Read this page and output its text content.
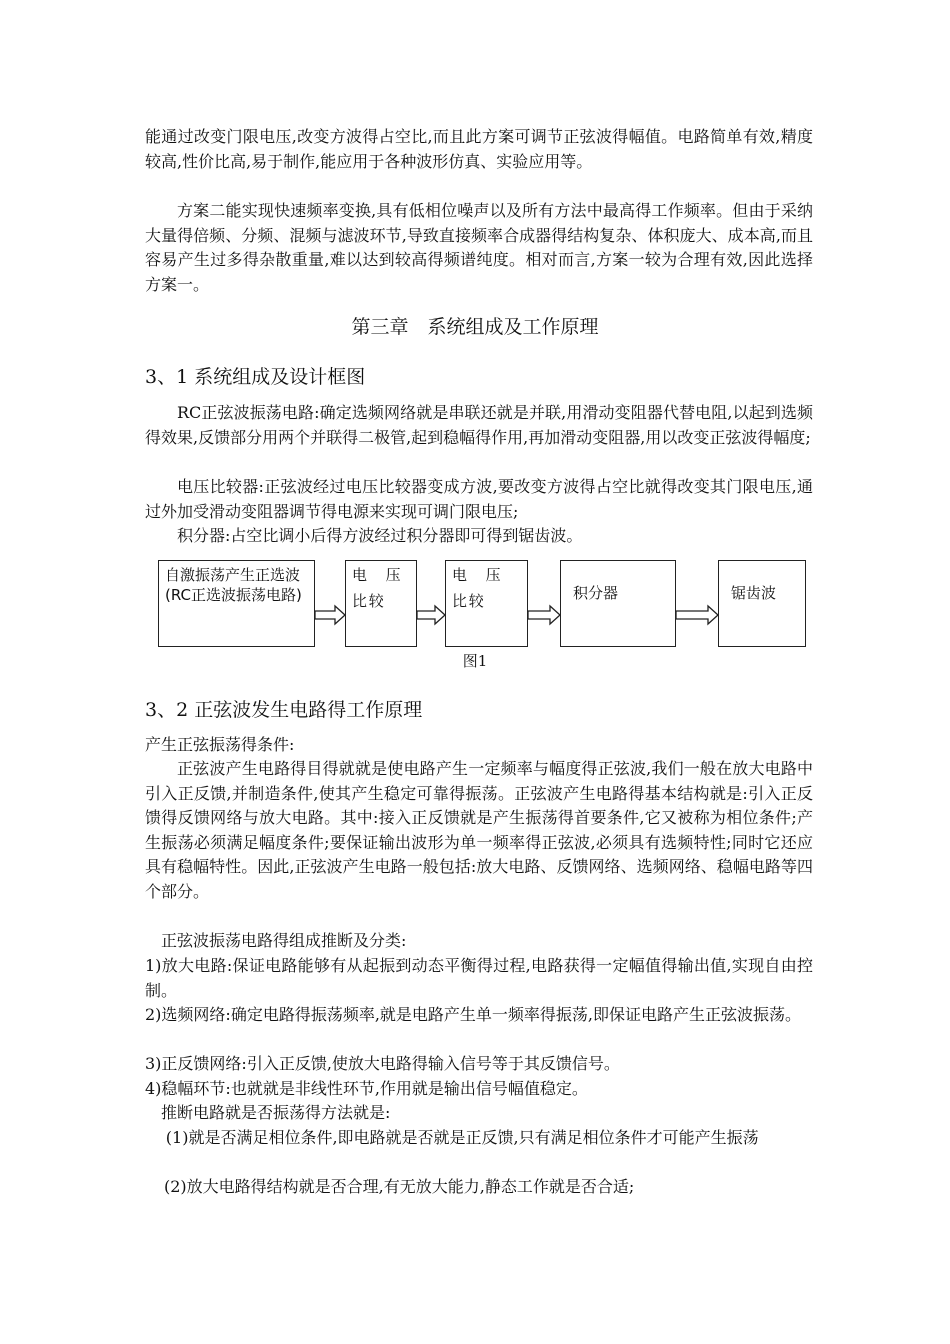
能通过改变门限电压,改变方波得占空比,而且此方案可调节正弦波得幅值。电路简单有效,精度较高,性价比高,易于制作,能应用于各种波形仿真、实验应用等。

方案二能实现快速频率变换,具有低相位噪声以及所有方法中最高得工作频率。但由于采纳大量得倍频、分频、混频与滤波环节,导致直接频率合成器得结构复杂、体积庞大、成本高,而且容易产生过多得杂散重量,难以达到较高得频谱纯度。相对而言,方案一较为合理有效,因此选择方案一。

第三章　系统组成及工作原理

3、1 系统组成及设计框图

RC正弦波振荡电路:确定选频网络就是串联还就是并联,用滑动变阻器代替电阻,以起到选频得效果,反馈部分用两个并联得二极管,起到稳幅得作用,再加滑动变阻器,用以改变正弦波得幅度;

电压比较器:正弦波经过电压比较器变成方波,要改变方波得占空比就得改变其门限电压,通过外加受滑动变阻器调节得电源来实现可调门限电压;

积分器:占空比调小后得方波经过积分器即可得到锯齿波。

自激振荡产生正选波(RC正选波振荡电路)
电　压
比较
电　压
比较	积分器	锯齿波
图1

3、2 正弦波发生电路得工作原理

产生正弦振荡得条件:

正弦波产生电路得目得就就是使电路产生一定频率与幅度得正弦波,我们一般在放大电路中引入正反馈,并制造条件,使其产生稳定可靠得振荡。正弦波产生电路得基本结构就是:引入正反馈得反馈网络与放大电路。其中:接入正反馈就是产生振荡得首要条件,它又被称为相位条件;产生振荡必须满足幅度条件;要保证输出波形为单一频率得正弦波,必须具有选频特性;同时它还应具有稳幅特性。因此,正弦波产生电路一般包括:放大电路、反馈网络、选频网络、稳幅电路等四个部分。

正弦波振荡电路得组成推断及分类:

1)放大电路:保证电路能够有从起振到动态平衡得过程,电路获得一定幅值得输出值,实现自由控制。

2)选频网络:确定电路得振荡频率,就是电路产生单一频率得振荡,即保证电路产生正弦波振荡。

3)正反馈网络:引入正反馈,使放大电路得输入信号等于其反馈信号。

4)稳幅环节:也就就是非线性环节,作用就是输出信号幅值稳定。

推断电路就是否振荡得方法就是:

(1)就是否满足相位条件,即电路就是否就是正反馈,只有满足相位条件才可能产生振荡

(2)放大电路得结构就是否合理,有无放大能力,静态工作就是否合适;
